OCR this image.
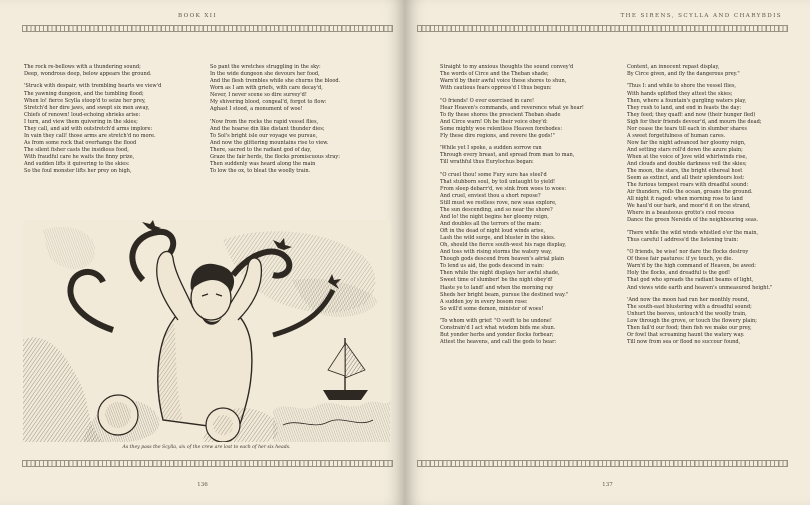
BOOK XII
The rock re-bellows with a thundering sound;
Deep, wondrous deep, below appears the ground.
'Struck with despair, with trembling hearts we view'd
The yawning dungeon, and the tumbling flood;
When lo! fierce Scylla stoop'd to seize her prey,
Stretch'd her dire jaws, and swept six men away,
Chiefs of renown! loud-echoing shrieks arise:
I turn, and view them quivering in the skies;
They call, and aid with outstretch'd arms implore:
In vain they call! those arms are stretch'd no more.
As from some rock that overhangs the flood
The silent fisher casts the insidious food,
With fraudful care he waits the finny prize,
And sudden lifts it quivering to the skies:
So the foul monster lifts her prey on high,
So pant the wretches struggling in the sky:
In the wide dungeon she devours her food,
And the flesh trembles while she churns the blood.
Worn as I am with griefs, with care decay'd,
Never, I never scene so dire survey'd!
My shivering blood, congeal'd, forgot to flow:
Aghast I stood, a monument of woe!
'Now from the rocks the rapid vessel flies,
And the hoarse din like distant thunder dies;
To Sol's bright isle our voyage we pursue,
And now the glittering mountains rise to view.
There, sacred to the radiant god of day,
Graze the fair herds, the flocks promiscuous stray:
Then suddenly was heard along the main
To low the ox, to bleat the woolly train.
As they pass the Scylla, six of the crew are lost to each of her six heads.
136
THE SIRENS, SCYLLA AND CHARYBDIS
Straight to my anxious thoughts the sound convey'd
The words of Circe and the Theban shade;
Warn'd by their awful voice these shores to shun,
With cautious fears oppress'd I thus begun:
"O friends! O ever exercised in care!
Hear Heaven's commands, and reverence what ye hear!
To fly these shores the prescient Theban shade
And Circe warn! Oh be their voice obey'd:
Some mighty woe relentless Heaven forebodes:
Fly these dire regions, and revere the gods!"
'While yet I spoke, a sudden sorrow ran
Through every breast, and spread from man to man,
Till wrathful thus Eurylochus began:
"O cruel thou! some Fury sure has steel'd
That stubborn soul, by toil untaught to yield!
From sleep debarr'd, we sink from woes to woes:
And cruel, enviest thou a short repose?
Still must we restless rove, new seas explore,
The sun descending, and so near the shore?
And lo! the night begins her gloomy reign,
And doubles all the terrors of the main:
Oft in the dead of night loud winds arise,
Lash the wild surge, and bluster in the skies.
Oh, should the fierce south-west his rage display,
And toss with rising storms the watery way,
Though gods descend from heaven's aërial plain
To lend us aid, the gods descend in vain:
Then while the night displays her awful shade,
Sweet time of slumber! be the night obey'd!
Haste ye to land! and when the morning ray
Sheds her bright beam, pursue the destined way."
A sudden joy in every bosom rose:
So will'd some demon, minister of woes!
'To whom with grief: "O swift to be undone!
Constrain'd I act what wisdom bids me shun.
But yonder herbs and yonder flocks forbear;
Attest the heavens, and call the gods to hear:
Content, an innocent repast display,
By Circe given, and fly the dangerous prey."
'Thus I: and while to shore the vessel flies,
With hands uplifted they attest the skies;
Then, where a fountain's gurgling waters play,
They rush to land, and end in feasts the day:
They feed; they quaff: and now (their hunger fled)
Sigh for their friends devour'd, and mourn the dead;
Nor cease the tears till each in slumber shares
A sweet forgetfulness of human cares.
Now far the night advanced her gloomy reign,
And setting stars roll'd down the azure plain;
When at the voice of Jove wild whirlwinds rise,
And clouds and double darkness veil the skies;
The moon, the stars, the bright ethereal host
Seem as extinct, and all their splendours lost:
The furious tempest roars with dreadful sound:
Air thunders, rolls the ocean, groans the ground.
All night it raged: when morning rose to land
We haul'd our bark, and moor'd it on the strand,
Where in a beauteous grotto's cool recess
Dance the green Nereids of the neighbouring seas.
'There while the wild winds whistled o'er the main,
Thus careful I address'd the listening train:
"O friends, be wise! nor dare the flocks destroy
Of these fair pastures: if ye touch, ye die.
Warn'd by the high command of Heaven, be awed:
Holy the flocks, and dreadful is the god!
That god who spreads the radiant beams of light,
And views wide earth and heaven's unmeasured height."
'And now the moon had run her monthly round,
The south-east blustering with a dreadful sound;
Unhurt the beeves, untouch'd the woolly train,
Low through the grove, or touch the flowery plain;
Then fail'd our food; then fish we make our prey,
Or fowl that screaming haunt the watery way.
Till now from sea or flood no succour found,
137
